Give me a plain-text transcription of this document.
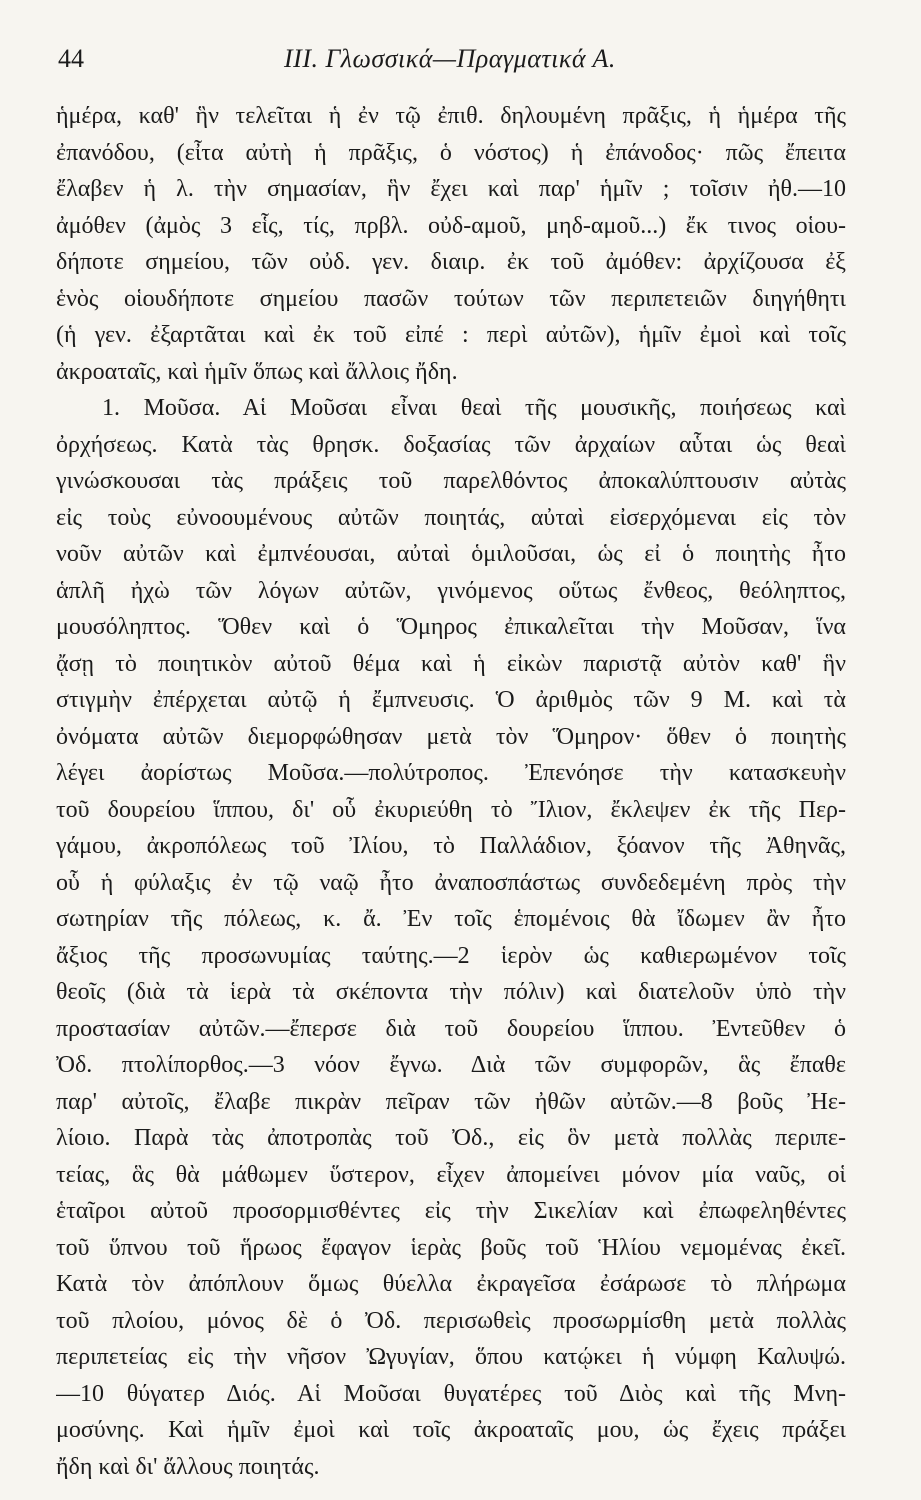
44	III. Γλωσσικά—Πραγματικά Α.
ἡμέρα, καθ' ἣν τελεῖται ἡ ἐν τῷ ἐπιθ. δηλουμένη πρᾶξις, ἡ ἡμέρα τῆς
ἐπανόδου, (εἶτα αὐτὴ ἡ πρᾶξις, ὁ νόστος) ἡ ἐπάνοδος· πῶς ἔπειτα
ἔλαβεν ἡ λ. τὴν σημασίαν, ἣν ἔχει καὶ παρ' ἡμῖν ; τοῖσιν ἠθ.—10
ἀμόθεν (ἀμὸς 3 εἷς, τίς, πρβλ. οὐδ-αμοῦ, μηδ-αμοῦ...) ἔκ τινος οἱου-
δήποτε σημείου, τῶν οὐδ. γεν. διαιρ. ἐκ τοῦ ἀμόθεν: ἀρχίζουσα ἐξ
ἑνὸς οἱουδήποτε σημείου πασῶν τούτων τῶν περιπετειῶν διηγήθητι
(ἡ γεν. ἐξαρτᾶται καὶ ἐκ τοῦ εἰπέ : περὶ αὐτῶν), ἡμῖν ἐμοὶ καὶ τοῖς
ἀκροαταῖς, καὶ ἡμῖν ὅπως καὶ ἄλλοις ἤδη.
1. Μοῦσα. Αἱ Μοῦσαι εἶναι θεαὶ τῆς μουσικῆς, ποιήσεως καὶ
ὀρχήσεως. Κατὰ τὰς θρησκ. δοξασίας τῶν ἀρχαίων αὗται ὡς θεαὶ
γινώσκουσαι τὰς πράξεις τοῦ παρελθόντος ἀποκαλύπτουσιν αὐτὰς
εἰς τοὺς εὐνοουμένους αὐτῶν ποιητάς, αὐταὶ εἰσερχόμεναι εἰς τὸν
νοῦν αὐτῶν καὶ ἐμπνέουσαι, αὐταὶ ὁμιλοῦσαι, ὡς εἰ ὁ ποιητὴς ἦτο
ἁπλῆ ἠχὼ τῶν λόγων αὐτῶν, γινόμενος οὕτως ἔνθεος, θεόληπτος,
μουσόληπτος. Ὅθεν καὶ ὁ Ὅμηρος ἐπικαλεῖται τὴν Μοῦσαν, ἵνα
ᾄσῃ τὸ ποιητικὸν αὐτοῦ θέμα καὶ ἡ εἰκὼν παριστᾷ αὐτὸν καθ' ἣν
στιγμὴν ἐπέρχεται αὐτῷ ἡ ἔμπνευσις. Ὁ ἀριθμὸς τῶν 9 Μ. καὶ τὰ
ὀνόματα αὐτῶν διεμορφώθησαν μετὰ τὸν Ὅμηρον· ὅθεν ὁ ποιητὴς
λέγει ἀορίστως Μοῦσα.—πολύτροπος. Ἐπενόησε τὴν κατασκευὴν
τοῦ δουρείου ἵππου, δι' οὗ ἐκυριεύθη τὸ Ἴλιον, ἔκλεψεν ἐκ τῆς Περ-
γάμου, ἀκροπόλεως τοῦ Ἰλίου, τὸ Παλλάδιον, ξόανον τῆς Ἀθηνᾶς,
οὗ ἡ φύλαξις ἐν τῷ ναῷ ἦτο ἀναποσπάστως συνδεδεμένη πρὸς τὴν
σωτηρίαν τῆς πόλεως, κ. ἄ. Ἐν τοῖς ἑπομένοις θὰ ἴδωμεν ἂν ἦτο
ἄξιος τῆς προσωνυμίας ταύτης.—2 ἱερὸν ὡς καθιερωμένον τοῖς
θεοῖς (διὰ τὰ ἱερὰ τὰ σκέποντα τὴν πόλιν) καὶ διατελοῦν ὑπὸ τὴν
προστασίαν αὐτῶν.—ἔπερσε διὰ τοῦ δουρείου ἵππου. Ἐντεῦθεν ὁ
Ὀδ. πτολίπορθος.—3 νόον ἔγνω. Διὰ τῶν συμφορῶν, ἃς ἔπαθε
παρ' αὐτοῖς, ἔλαβε πικρὰν πεῖραν τῶν ἠθῶν αὐτῶν.—8 βοῦς Ἠε-
λίοιο. Παρὰ τὰς ἀποτροπὰς τοῦ Ὀδ., εἰς ὃν μετὰ πολλὰς περιπε-
τείας, ἃς θὰ μάθωμεν ὕστερον, εἶχεν ἀπομείνει μόνον μία ναῦς, οἱ
ἑταῖροι αὐτοῦ προσορμισθέντες εἰς τὴν Σικελίαν καὶ ἐπωφεληθέντες
τοῦ ὕπνου τοῦ ἥρωος ἔφαγον ἱερὰς βοῦς τοῦ Ἡλίου νεμομένας ἐκεῖ.
Κατὰ τὸν ἀπόπλουν ὅμως θύελλα ἐκραγεῖσα ἐσάρωσε τὸ πλήρωμα
τοῦ πλοίου, μόνος δὲ ὁ Ὀδ. περισωθεὶς προσωρμίσθη μετὰ πολλὰς
περιπετείας εἰς τὴν νῆσον Ὠγυγίαν, ὅπου κατῴκει ἡ νύμφη Καλυψώ.
—10 θύγατερ Διός. Αἱ Μοῦσαι θυγατέρες τοῦ Διὸς καὶ τῆς Μνη-
μοσύνης. Καὶ ἡμῖν ἐμοὶ καὶ τοῖς ἀκροαταῖς μου, ὡς ἔχεις πράξει
ἤδη καὶ δι' ἄλλους ποιητάς.
